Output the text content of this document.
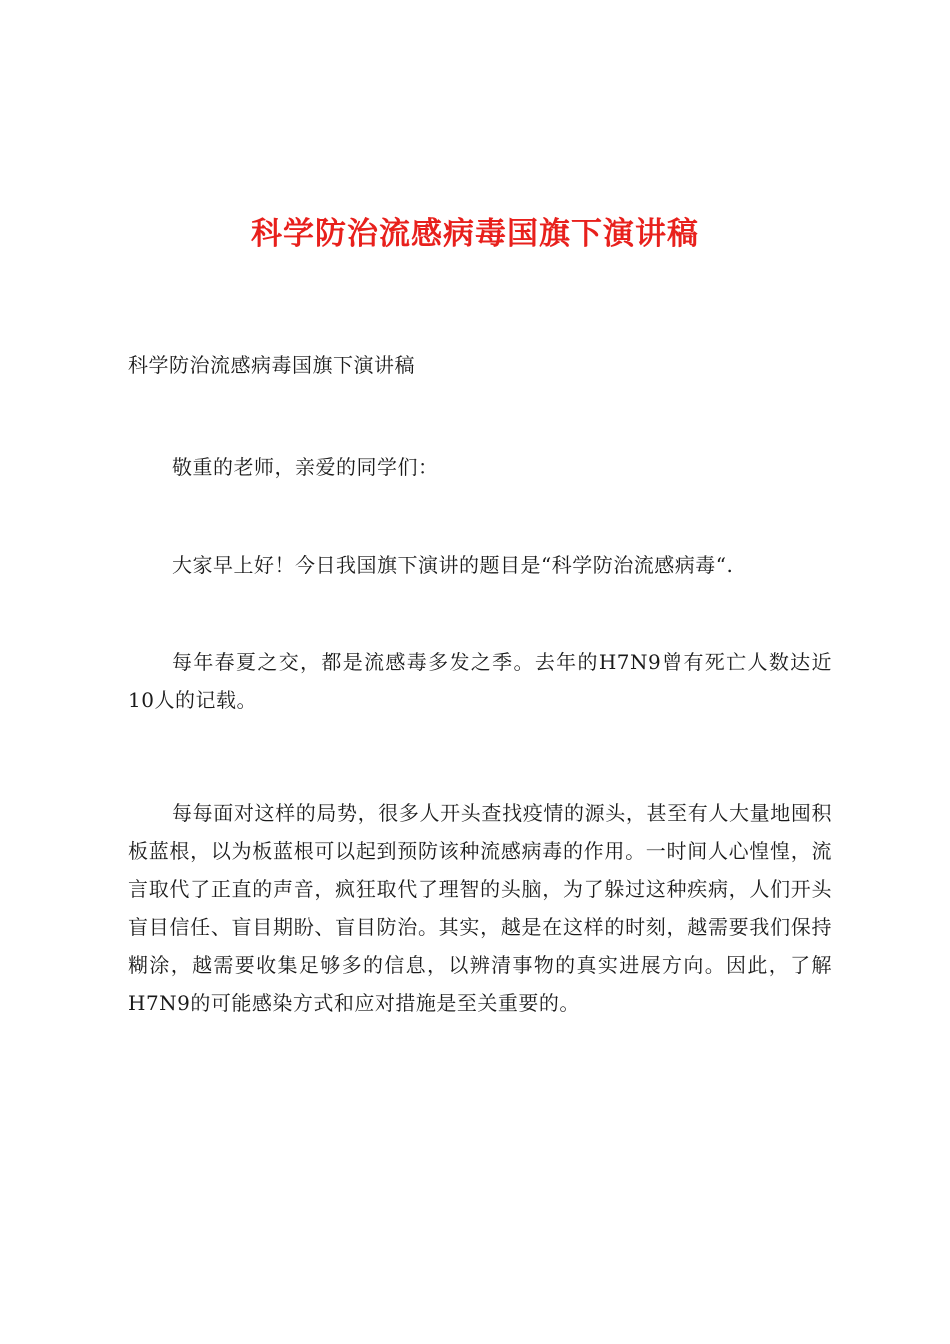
科学防治流感病毒国旗下演讲稿

科学防治流感病毒国旗下演讲稿

敬重的老师，亲爱的同学们：

大家早上好！今日我国旗下演讲的题目是“科学防治流感病毒“.

每年春夏之交，都是流感毒多发之季。去年的H7N9曾有死亡人数达近10人的记载。

每每面对这样的局势，很多人开头查找疫情的源头，甚至有人大量地囤积板蓝根，以为板蓝根可以起到预防该种流感病毒的作用。一时间人心惶惶，流言取代了正直的声音，疯狂取代了理智的头脑，为了躲过这种疾病，人们开头盲目信任、盲目期盼、盲目防治。其实，越是在这样的时刻，越需要我们保持糊涂，越需要收集足够多的信息，以辨清事物的真实进展方向。因此，了解H7N9的可能感染方式和应对措施是至关重要的。
